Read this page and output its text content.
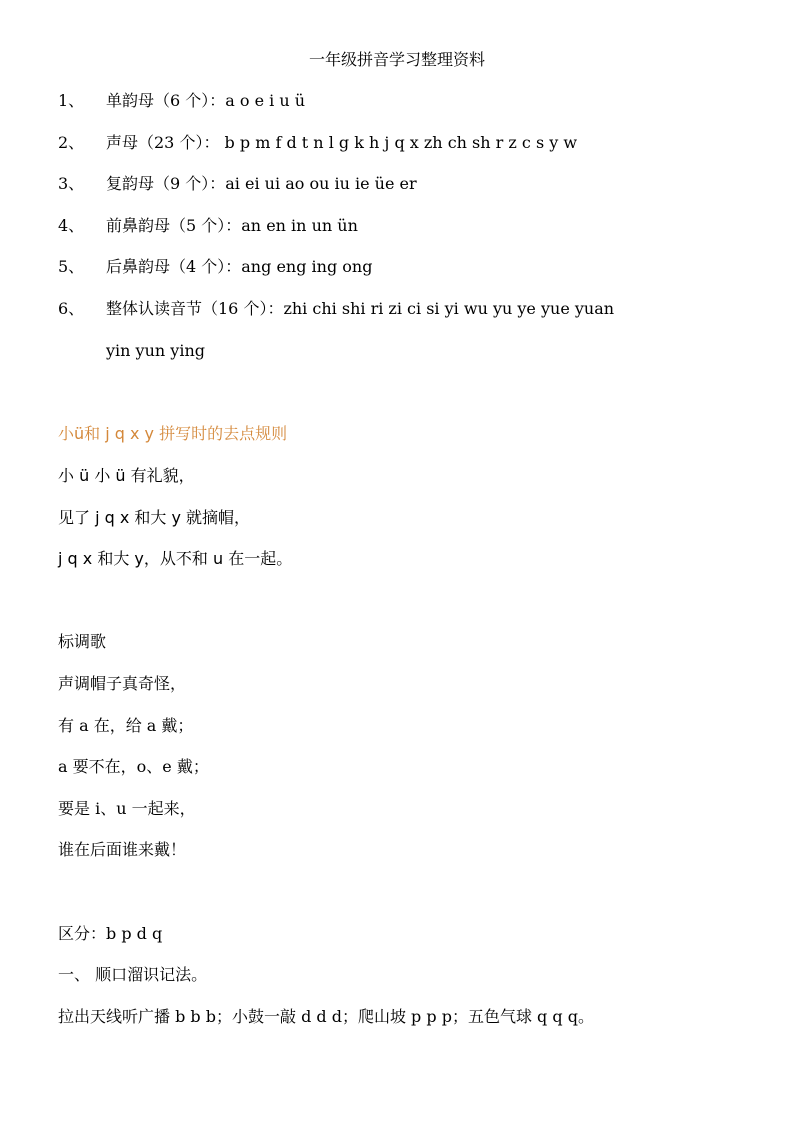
一年级拼音学习整理资料
1、 单韵母（6 个）：a o e i u ü
2、 声母（23 个）： b p m f d t n l g k h j q x zh ch sh r z c s y w
3、 复韵母（9 个）：ai ei ui ao ou iu ie üe er
4、 前鼻韵母（5 个）：an en in un ün
5、 后鼻韵母（4 个）：ang eng ing ong
6、 整体认读音节（16 个）：zhi chi shi ri zi ci si yi wu yu ye yue yuan
yin yun ying
小ü和 j q x y 拼写时的去点规则
小 ü 小 ü 有礼貌，
见了 j q x 和大 y 就摘帽，
j q x 和大 y，从不和 u 在一起。
标调歌
声调帽子真奇怪，
有 a 在，给 a 戴；
a 要不在，o、e 戴；
要是 i、u 一起来，
谁在后面谁来戴！
区分：b p d q
一、 顺口溜识记法。
拉出天线听广播 b b b；小鼓一敲 d d d；爬山坡 p p p；五色气球 q q q。
